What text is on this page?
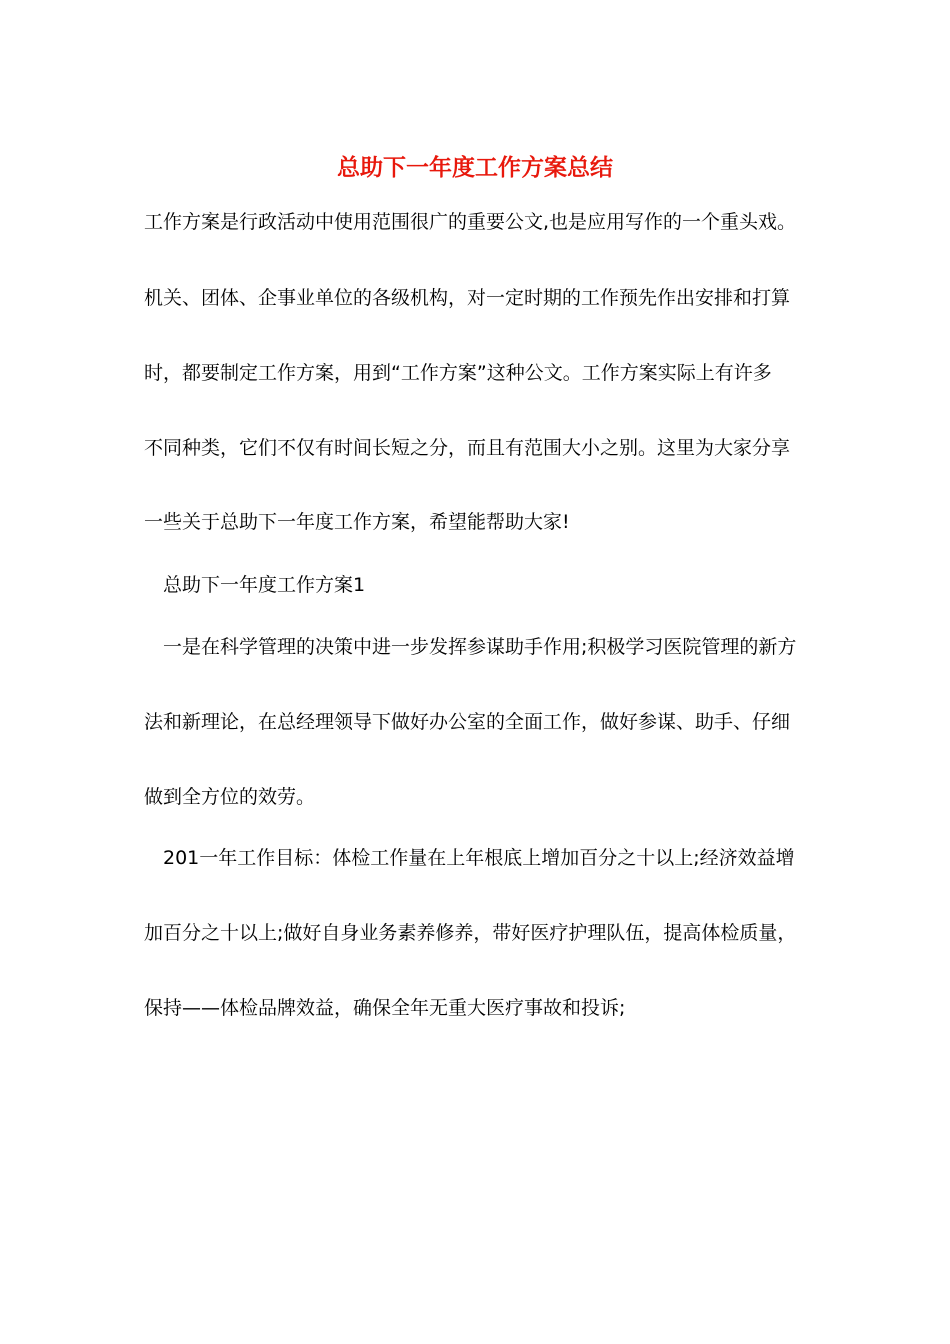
总助下一年度工作方案总结
工作方案是行政活动中使用范围很广的重要公文,也是应用写作的一个重头戏。
机关、团体、企事业单位的各级机构，对一定时期的工作预先作出安排和打算
时，都要制定工作方案，用到“工作方案”这种公文。工作方案实际上有许多
不同种类，它们不仅有时间长短之分，而且有范围大小之别。这里为大家分享
一些关于总助下一年度工作方案，希望能帮助大家!
总助下一年度工作方案1
一是在科学管理的决策中进一步发挥参谋助手作用;积极学习医院管理的新方
法和新理论，在总经理领导下做好办公室的全面工作，做好参谋、助手、仔细
做到全方位的效劳。
201一年工作目标：体检工作量在上年根底上增加百分之十以上;经济效益增
加百分之十以上;做好自身业务素养修养，带好医疗护理队伍，提高体检质量，
保持——体检品牌效益，确保全年无重大医疗事故和投诉;
